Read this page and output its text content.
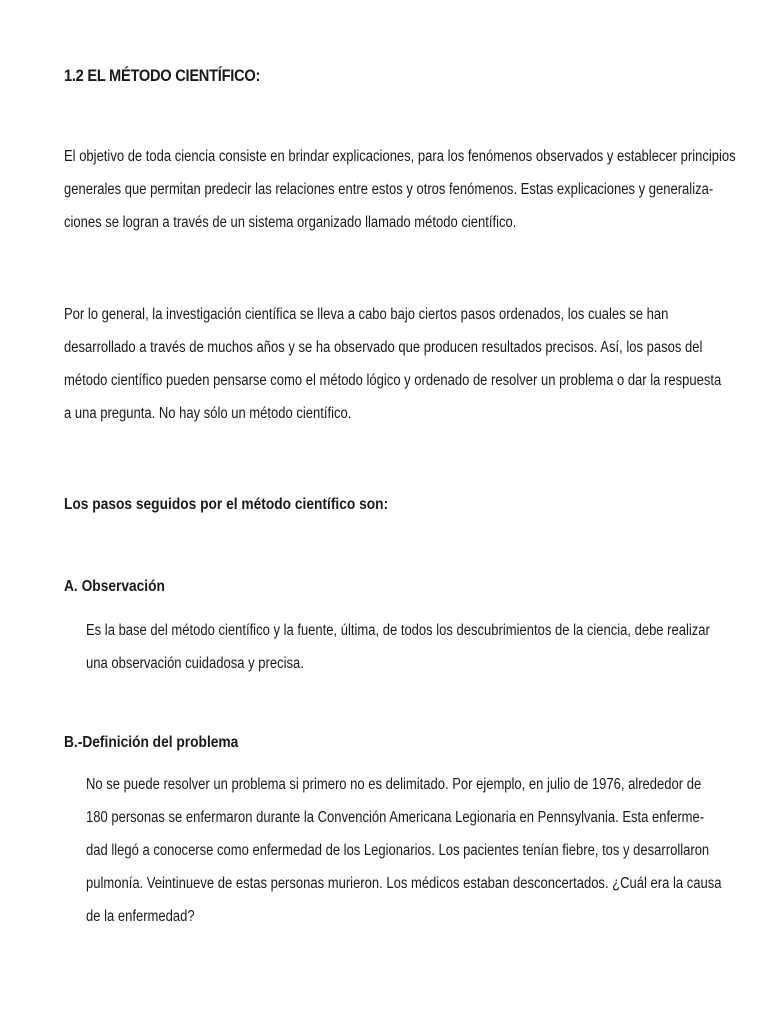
1.2 EL MÉTODO CIENTÍFICO:
El objetivo de toda ciencia consiste en brindar explicaciones, para los fenómenos observados y establecer principios
generales que permitan predecir las relaciones entre estos y otros fenómenos. Estas explicaciones y generaliza-
ciones se logran a través de un sistema organizado llamado método científico.
Por lo general, la investigación científica se lleva a cabo bajo ciertos pasos ordenados, los cuales se han
desarrollado a través de muchos años y se ha observado que producen resultados precisos. Así, los pasos del
método científico pueden pensarse como el método lógico y ordenado de resolver un problema o dar la respuesta
a una pregunta. No hay sólo un método científico.
Los pasos seguidos por el método científico son:
A. Observación
Es la base del método científico y la fuente, última, de todos los descubrimientos de la ciencia, debe realizar
una observación cuidadosa y precisa.
B.-Definición del problema
No se puede resolver un problema si primero no es delimitado. Por ejemplo, en julio de 1976, alrededor de
180 personas se enfermaron durante la Convención Americana Legionaria en Pennsylvania. Esta enferme-
dad llegó a conocerse como enfermedad de los Legionarios. Los pacientes tenían fiebre, tos y desarrollaron
pulmonía. Veintinueve de estas personas murieron. Los médicos estaban desconcertados. ¿Cuál era la causa
de la enfermedad?
